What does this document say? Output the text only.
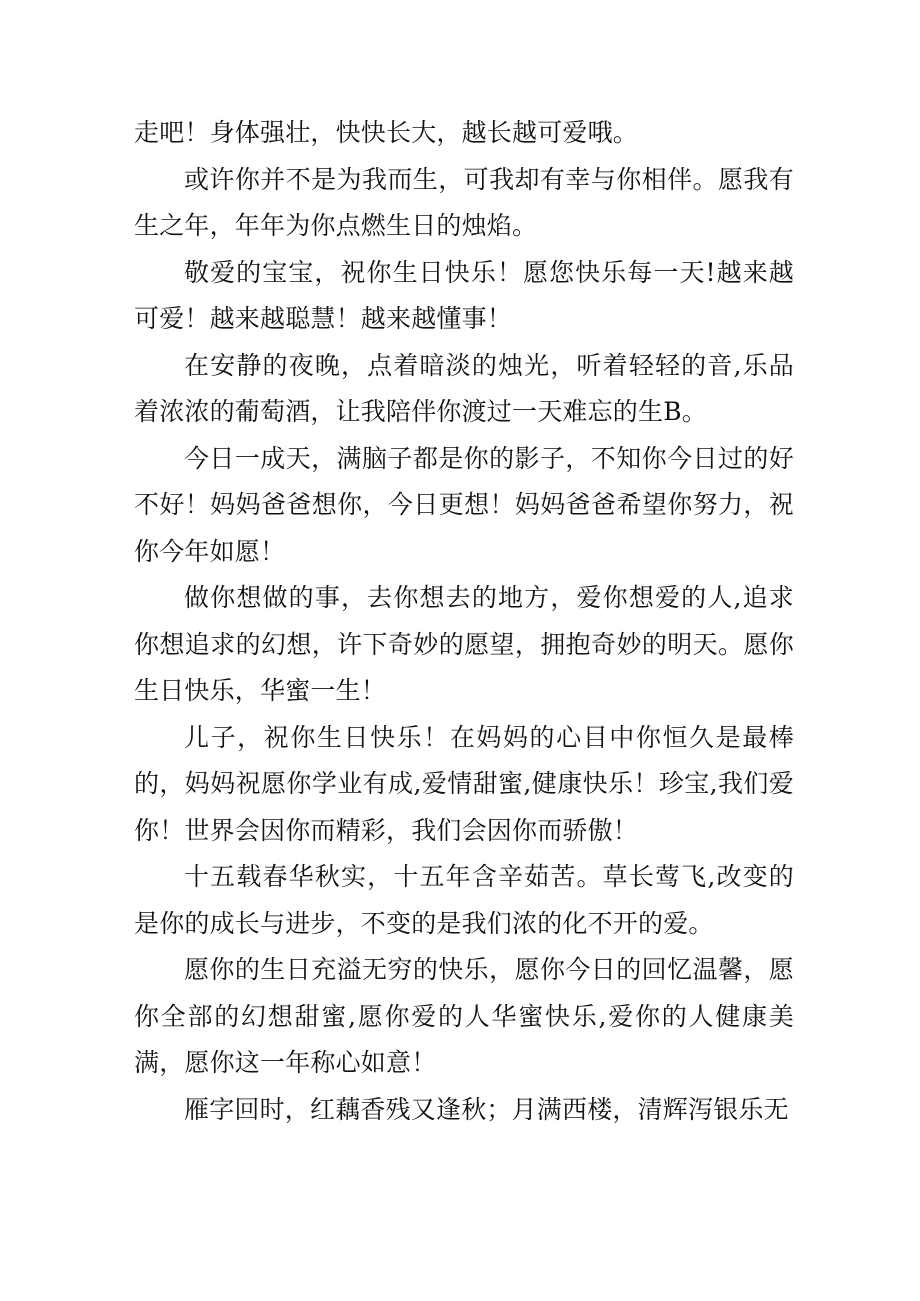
走吧！身体强壮，快快长大，越长越可爱哦。

或许你并不是为我而生，可我却有幸与你相伴。愿我有生之年，年年为你点燃生日的烛焰。

敬爱的宝宝，祝你生日快乐！愿您快乐每一天!越来越可爱！越来越聪慧！越来越懂事！

在安静的夜晚，点着暗淡的烛光，听着轻轻的音,乐品着浓浓的葡萄酒，让我陪伴你渡过一天难忘的生B。

今日一成天，满脑子都是你的影子，不知你今日过的好不好！妈妈爸爸想你，今日更想！妈妈爸爸希望你努力，祝你今年如愿！

做你想做的事，去你想去的地方，爱你想爱的人,追求你想追求的幻想，许下奇妙的愿望，拥抱奇妙的明天。愿你生日快乐，华蜜一生！

儿子，祝你生日快乐！在妈妈的心目中你恒久是最棒的，妈妈祝愿你学业有成,爱情甜蜜,健康快乐！珍宝,我们爱你！世界会因你而精彩，我们会因你而骄傲！

十五载春华秋实，十五年含辛茹苦。草长莺飞,改变的是你的成长与进步，不变的是我们浓的化不开的爱。

愿你的生日充溢无穷的快乐，愿你今日的回忆温馨，愿你全部的幻想甜蜜,愿你爱的人华蜜快乐,爱你的人健康美满，愿你这一年称心如意！

雁字回时，红藕香残又逢秋；月满西楼，清辉泻银乐无
